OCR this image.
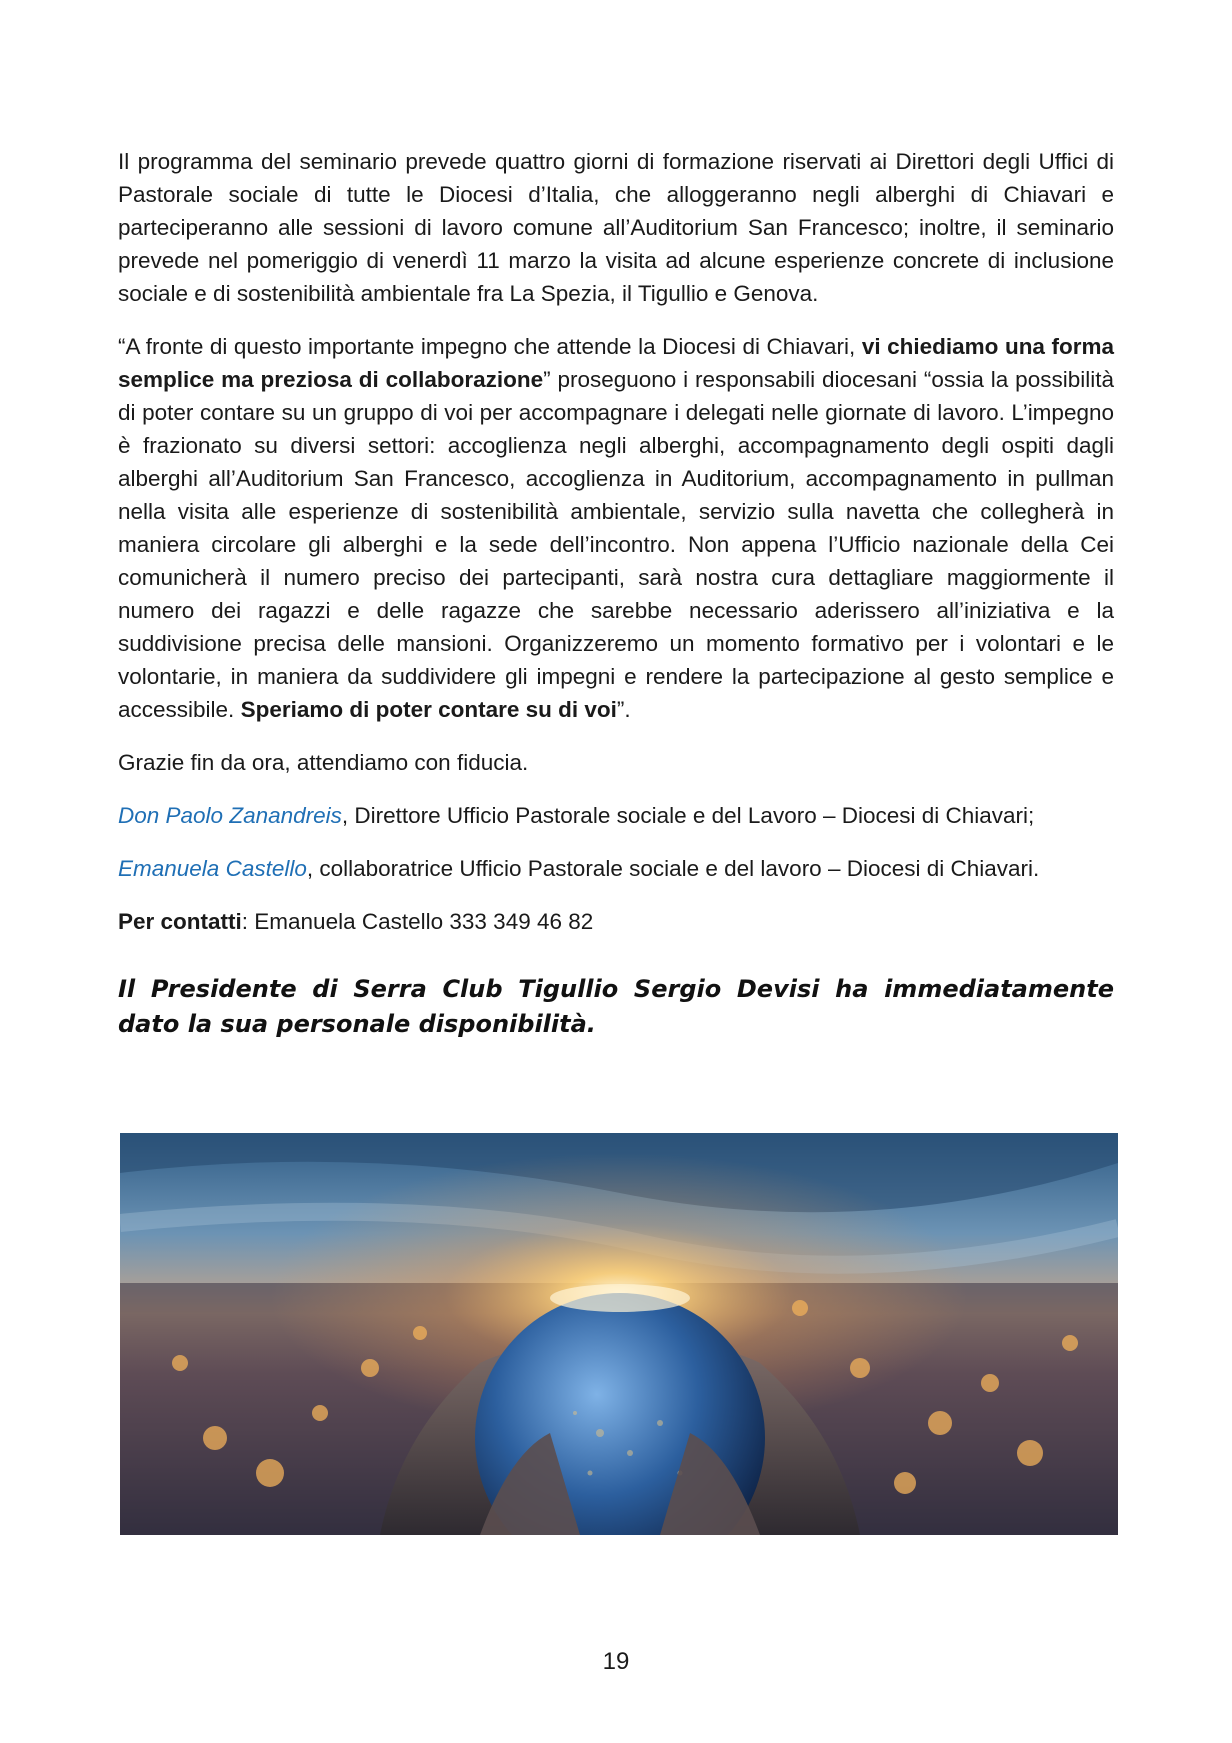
Il programma del seminario prevede quattro giorni di formazione riservati ai Direttori degli Uffici di Pastorale sociale di tutte le Diocesi d’Italia, che alloggeranno negli alberghi di Chiavari e parteciperanno alle sessioni di lavoro comune all’Auditorium San Francesco; inoltre, il seminario prevede nel pomeriggio di venerdì 11 marzo la visita ad alcune esperienze concrete di inclusione sociale e di sostenibilità ambientale fra La Spezia, il Tigullio e Genova.

“A fronte di questo importante impegno che attende la Diocesi di Chiavari, vi chiediamo una forma semplice ma preziosa di collaborazione” proseguono i responsabili diocesani “ossia la possibilità di poter contare su un gruppo di voi per accompagnare i delegati nelle giornate di lavoro. L’impegno è frazionato su diversi settori: accoglienza negli alberghi, accompagnamento degli ospiti dagli alberghi all’Auditorium San Francesco, accoglienza in Auditorium, accompagnamento in pullman nella visita alle esperienze di sostenibilità ambientale, servizio sulla navetta che collegherà in maniera circolare gli alberghi e la sede dell’incontro. Non appena l’Ufficio nazionale della Cei comunicherà il numero preciso dei partecipanti, sarà nostra cura dettagliare maggiormente il numero dei ragazzi e delle ragazze che sarebbe necessario aderissero all’iniziativa e la suddivisione precisa delle mansioni. Organizzeremo un momento formativo per i volontari e le volontarie, in maniera da suddividere gli impegni e rendere la partecipazione al gesto semplice e accessibile. Speriamo di poter contare su di voi”.

Grazie fin da ora, attendiamo con fiducia.

Don Paolo Zanandreis, Direttore Ufficio Pastorale sociale e del Lavoro – Diocesi di Chiavari;

Emanuela Castello, collaboratrice Ufficio Pastorale sociale e del lavoro – Diocesi di Chiavari.

Per contatti: Emanuela Castello 333 349 46 82

Il Presidente di Serra Club Tigullio Sergio Devisi ha immediatamente dato la sua personale disponibilità.

19
